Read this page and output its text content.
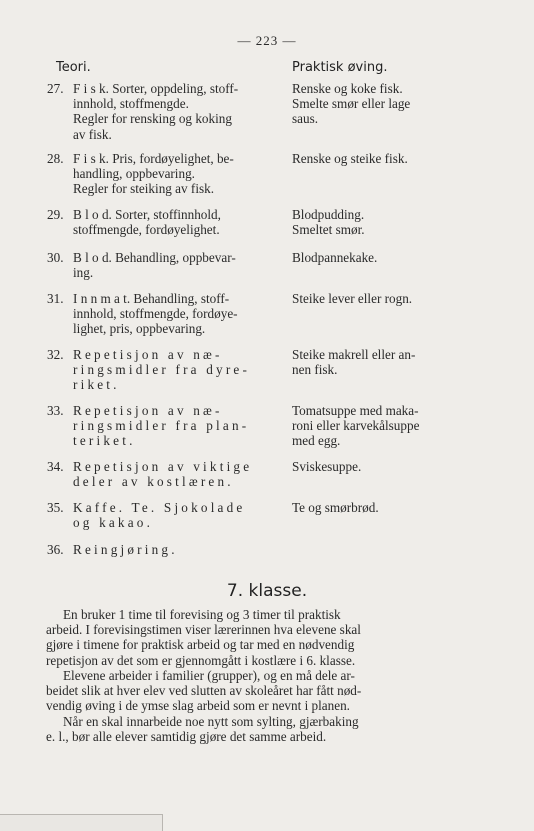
— 223 —
Teori.	Praktisk øving.
27. F i s k. Sorter, oppdeling, stoff-
innhold, stoffmengde.
Regler for rensking og koking
av fisk.
Renske og koke fisk.
Smelte smør eller lage
saus.
28. F i s k. Pris, fordøyelighet, be-
handling, oppbevaring.
Regler for steiking av fisk.
Renske og steike fisk.
29. B l o d. Sorter, stoffinnhold,
stoffmengde, fordøyelighet.
Blodpudding.
Smeltet smør.
30. B l o d. Behandling, oppbevar-
ing.
Blodpannekake.
31. I n n m a t. Behandling, stoff-
innhold, stoffmengde, fordøye-
lighet, pris, oppbevaring.
Steike lever eller rogn.
32. Repetisjon av næ-
ringsmidler fra dyre-
riket.
Steike makrell eller an-
nen fisk.
33. Repetisjon av næ-
ringsmidler fra plan-
teriket.
Tomatsuppe med maka-
roni eller karvekålsuppe
med egg.
34. Repetisjon av viktige
deler av kostlæren.
Sviskesuppe.
35. Kaffe. Te. Sjokolade
og kakao.
Te og smørbrød.
36. Reingjøring.
7. klasse.
En bruker 1 time til forevising og 3 timer til praktisk
arbeid. I forevisingstimen viser lærerinnen hva elevene skal
gjøre i timene for praktisk arbeid og tar med en nødvendig
repetisjon av det som er gjennomgått i kostlære i 6. klasse.
Elevene arbeider i familier (grupper), og en må dele ar-
beidet slik at hver elev ved slutten av skoleåret har fått nød-
vendig øving i de ymse slag arbeid som er nevnt i planen.
Når en skal innarbeide noe nytt som sylting, gjærbaking
e. l., bør alle elever samtidig gjøre det samme arbeid.
